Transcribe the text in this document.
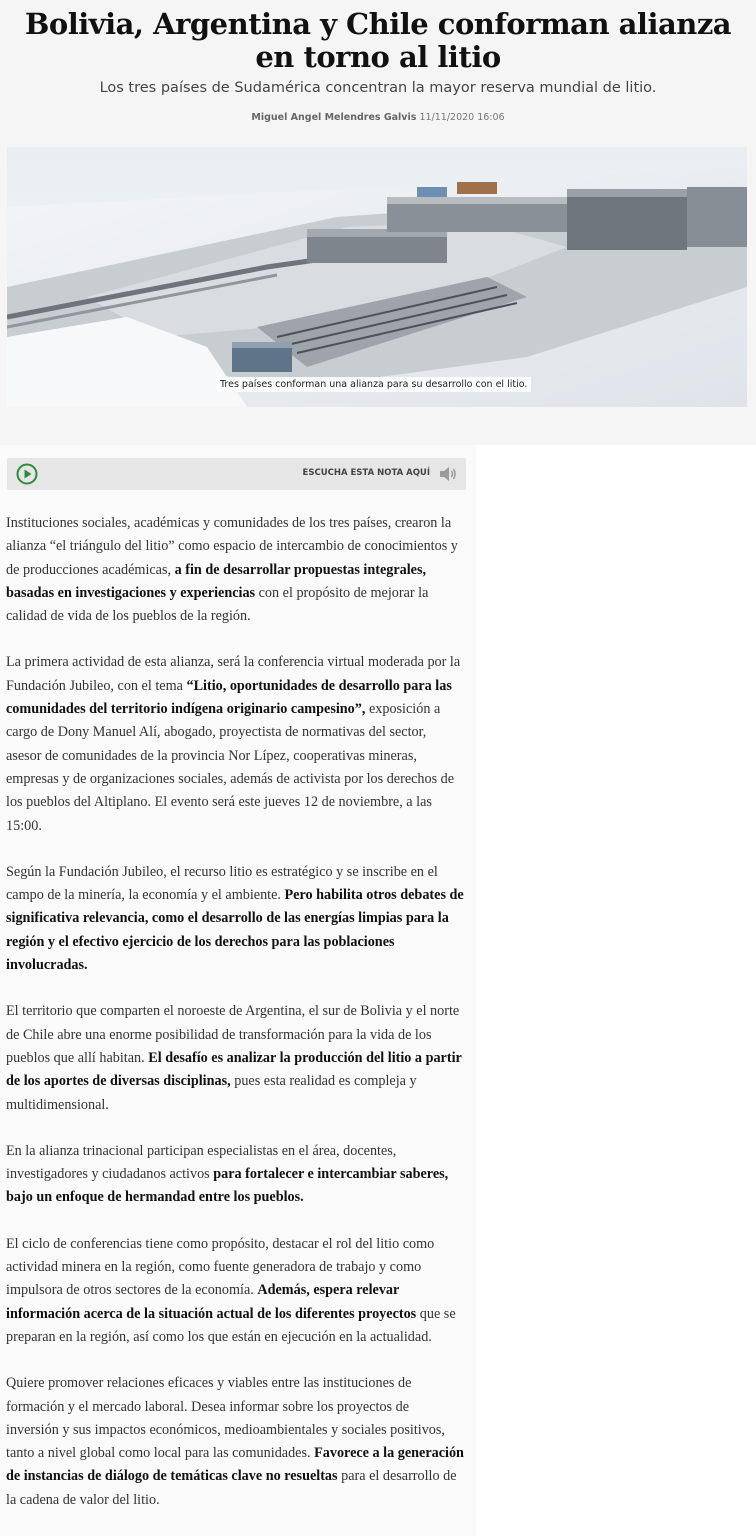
Bolivia, Argentina y Chile conforman alianza en torno al litio

Los tres países de Sudamérica concentran la mayor reserva mundial de litio.

Miguel Angel Melendres Galvis 11/11/2020 16:06

Tres países conforman una alianza para su desarrollo con el litio.
ESCUCHA ESTA NOTA AQUÍ

Instituciones sociales, académicas y comunidades de los tres países, crearon la alianza “el triángulo del litio” como espacio de intercambio de conocimientos y de producciones académicas, a fin de desarrollar propuestas integrales, basadas en investigaciones y experiencias con el propósito de mejorar la calidad de vida de los pueblos de la región.

La primera actividad de esta alianza, será la conferencia virtual moderada por la Fundación Jubileo, con el tema “Litio, oportunidades de desarrollo para las comunidades del territorio indígena originario campesino”, exposición a cargo de Dony Manuel Alí, abogado, proyectista de normativas del sector, asesor de comunidades de la provincia Nor Lípez, cooperativas mineras, empresas y de organizaciones sociales, además de activista por los derechos de los pueblos del Altiplano. El evento será este jueves 12 de noviembre, a las 15:00.

Según la Fundación Jubileo, el recurso litio es estratégico y se inscribe en el campo de la minería, la economía y el ambiente. Pero habilita otros debates de significativa relevancia, como el desarrollo de las energías limpias para la región y el efectivo ejercicio de los derechos para las poblaciones involucradas.

El territorio que comparten el noroeste de Argentina, el sur de Bolivia y el norte de Chile abre una enorme posibilidad de transformación para la vida de los pueblos que allí habitan. El desafío es analizar la producción del litio a partir de los aportes de diversas disciplinas, pues esta realidad es compleja y multidimensional.

En la alianza trinacional participan especialistas en el área, docentes, investigadores y ciudadanos activos para fortalecer e intercambiar saberes, bajo un enfoque de hermandad entre los pueblos.

El ciclo de conferencias tiene como propósito, destacar el rol del litio como actividad minera en la región, como fuente generadora de trabajo y como impulsora de otros sectores de la economía. Además, espera relevar información acerca de la situación actual de los diferentes proyectos que se preparan en la región, así como los que están en ejecución en la actualidad.

Quiere promover relaciones eficaces y viables entre las instituciones de formación y el mercado laboral. Desea informar sobre los proyectos de inversión y sus impactos económicos, medioambientales y sociales positivos, tanto a nivel global como local para las comunidades. Favorece a la generación de instancias de diálogo de temáticas clave no resueltas para el desarrollo de la cadena de valor del litio.
